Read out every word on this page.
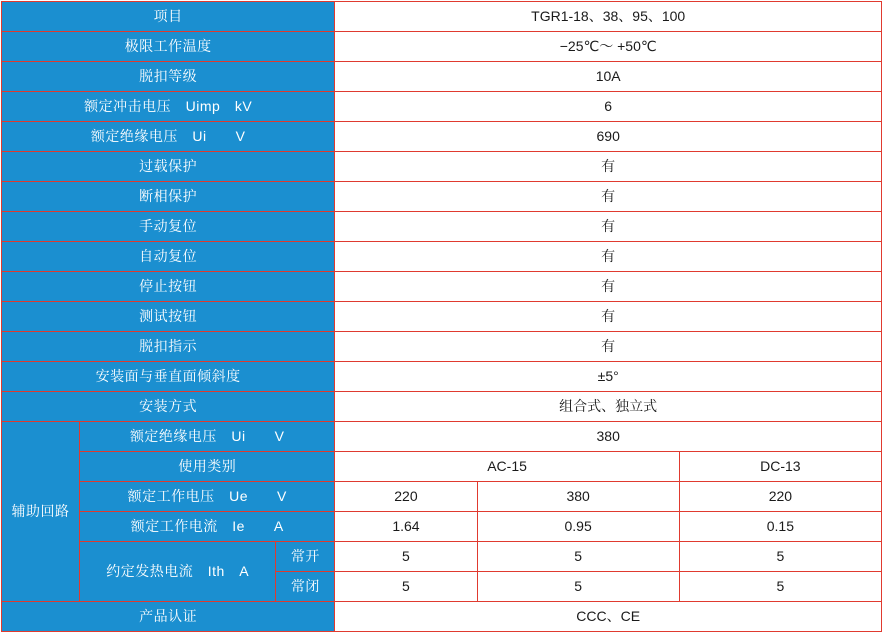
项目			TGR1-18、38、95、100		
极限工作温度			−25℃～ +50℃		
脱扣等级			10A		
额定冲击电压　Uimp　kV			6		
额定绝缘电压　Ui　　V			690		
过载保护			有		
断相保护			有		
手动复位			有		
自动复位			有		
停止按钮			有		
测试按钮			有		
脱扣指示			有		
安装面与垂直面倾斜度			±5°		
安装方式			组合式、独立式		
辅助回路	额定绝缘电压　Ui　　V		380		
	使用类别		AC-15		DC-13
	额定工作电压　Ue　　V		220	380	220
	额定工作电流　Ie　　A		1.64	0.95	0.15
	约定发热电流　Ith　A	常开	5	5	5
		常闭	5	5	5
产品认证			CCC、CE		
